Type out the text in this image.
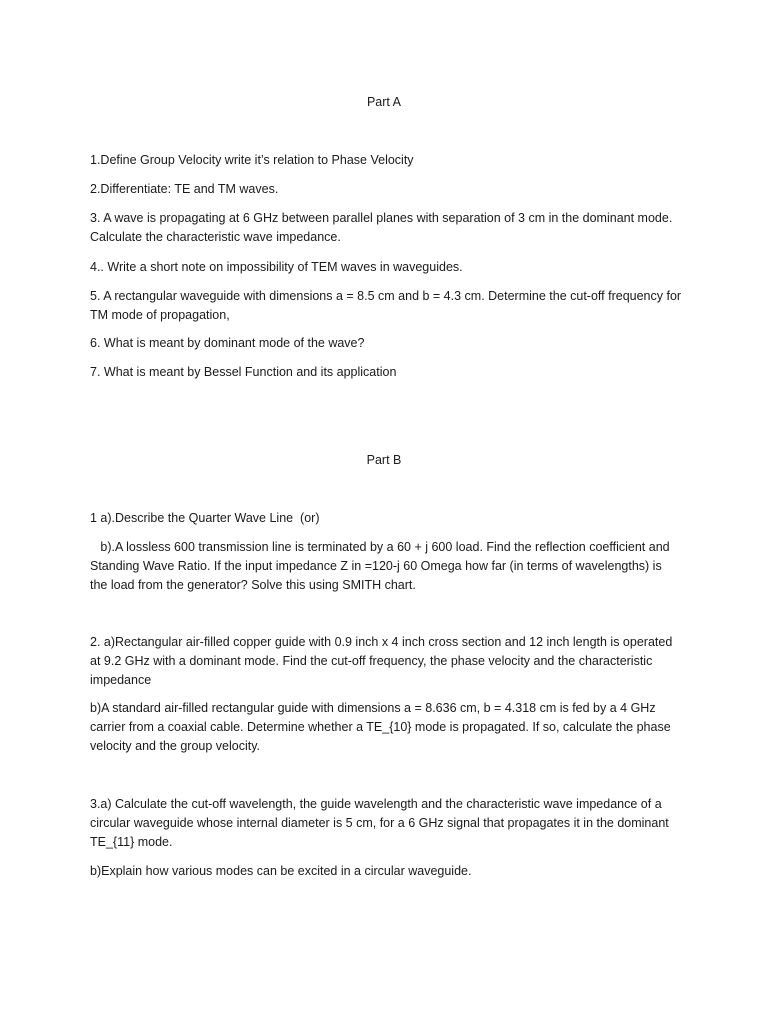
Part A

1.Define Group Velocity write it’s relation to Phase Velocity

2.Differentiate: TE and TM waves.

3. A wave is propagating at 6 GHz between parallel planes with separation of 3 cm in the dominant mode. Calculate the characteristic wave impedance.

4.. Write a short note on impossibility of TEM waves in waveguides.

5. A rectangular waveguide with dimensions a = 8.5 cm and b = 4.3 cm. Determine the cut-off frequency for TM mode of propagation,

6. What is meant by dominant mode of the wave?

7. What is meant by Bessel Function and its application

Part B

1 a).Describe the Quarter Wave Line  (or)

b).A lossless 600 transmission line is terminated by a 60 + j 600 load. Find the reflection coefficient and Standing Wave Ratio. If the input impedance Z in =120-j 60 Omega how far (in terms of wavelengths) is the load from the generator? Solve this using SMITH chart.

2. a)Rectangular air-filled copper guide with 0.9 inch x 4 inch cross section and 12 inch length is operated at 9.2 GHz with a dominant mode. Find the cut-off frequency, the phase velocity and the characteristic impedance

b)A standard air-filled rectangular guide with dimensions a = 8.636 cm, b = 4.318 cm is fed by a 4 GHz carrier from a coaxial cable. Determine whether a TE_{10} mode is propagated. If so, calculate the phase velocity and the group velocity.

3.a) Calculate the cut-off wavelength, the guide wavelength and the characteristic wave impedance of a circular waveguide whose internal diameter is 5 cm, for a 6 GHz signal that propagates it in the dominant TE_{11} mode.

b)Explain how various modes can be excited in a circular waveguide.
